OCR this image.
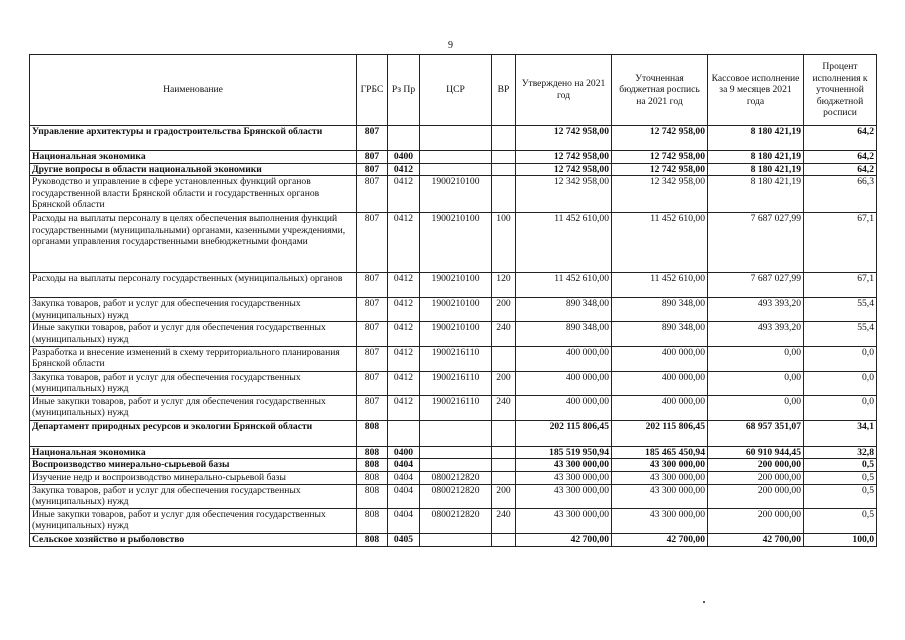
9
Наименование	ГРБС	Рз Пр	ЦСР	ВР	Утверждено на 2021 год	Уточненная бюджетная роспись на 2021 год	Кассовое исполнение за 9 месяцев 2021 года	Процент исполнения к уточненной бюджетной росписи
Управление архитектуры и градостроительства Брянской области	807				12 742 958,00	12 742 958,00	8 180 421,19	64,2
Национальная экономика	807	0400			12 742 958,00	12 742 958,00	8 180 421,19	64,2
Другие вопросы в области национальной экономики	807	0412			12 742 958,00	12 742 958,00	8 180 421,19	64,2
Руководство и управление в сфере установленных функций органов государственной власти Брянской области и государственных органов Брянской области	807	0412	1900210100		12 342 958,00	12 342 958,00	8 180 421,19	66,3
Расходы на выплаты персоналу в целях обеспечения выполнения функций государственными (муниципальными) органами, казенными учреждениями, органами управления государственными внебюджетными фондами	807	0412	1900210100	100	11 452 610,00	11 452 610,00	7 687 027,99	67,1
Расходы на выплаты персоналу государственных (муниципальных) органов	807	0412	1900210100	120	11 452 610,00	11 452 610,00	7 687 027,99	67,1
Закупка товаров, работ и услуг для обеспечения государственных (муниципальных) нужд	807	0412	1900210100	200	890 348,00	890 348,00	493 393,20	55,4
Иные закупки товаров, работ и услуг для обеспечения государственных (муниципальных) нужд	807	0412	1900210100	240	890 348,00	890 348,00	493 393,20	55,4
Разработка и внесение изменений в схему территориального планирования Брянской области	807	0412	1900216110		400 000,00	400 000,00	0,00	0,0
Закупка товаров, работ и услуг для обеспечения государственных (муниципальных) нужд	807	0412	1900216110	200	400 000,00	400 000,00	0,00	0,0
Иные закупки товаров, работ и услуг для обеспечения государственных (муниципальных) нужд	807	0412	1900216110	240	400 000,00	400 000,00	0,00	0,0
Департамент природных ресурсов и экологии Брянской области	808				202 115 806,45	202 115 806,45	68 957 351,07	34,1
Национальная экономика	808	0400			185 519 950,94	185 465 450,94	60 910 944,45	32,8
Воспроизводство минерально-сырьевой базы	808	0404			43 300 000,00	43 300 000,00	200 000,00	0,5
Изучение недр и воспроизводство минерально-сырьевой базы	808	0404	0800212820		43 300 000,00	43 300 000,00	200 000,00	0,5
Закупка товаров, работ и услуг для обеспечения государственных (муниципальных) нужд	808	0404	0800212820	200	43 300 000,00	43 300 000,00	200 000,00	0,5
Иные закупки товаров, работ и услуг для обеспечения государственных (муниципальных) нужд	808	0404	0800212820	240	43 300 000,00	43 300 000,00	200 000,00	0,5
Сельское хозяйство и рыболовство	808	0405			42 700,00	42 700,00	42 700,00	100,0
